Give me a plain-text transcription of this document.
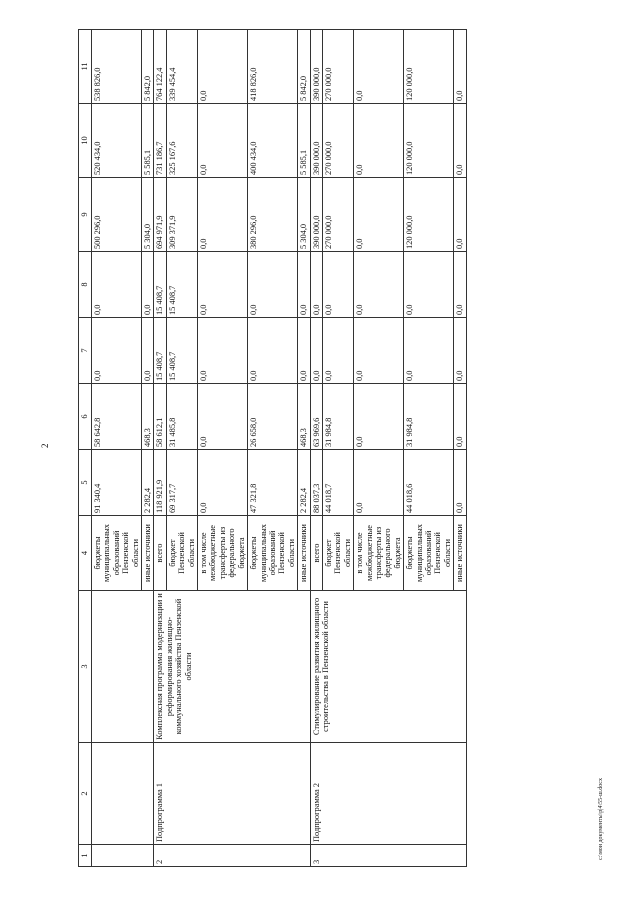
2
1	2	3	4	5	6	7	8	9	10	11
			бюджеты муниципальных образований Пензенской области	91 340,4	58 642,8	0,0	0,0	500 296,0	520 434,0	538 826,0
			иные источники	2 282,4	468,3	0,0	0,0	5 304,0	5 585,1	5 842,0
2	Подпрограмма 1	Комплексная программа модернизации и реформирования жилищно-коммунального хозяйства Пензенской области	всего	118 921,9	58 612,1	15 408,7	15 408,7	694 971,9	731 186,7	764 122,4
			бюджет Пензенской области	69 317,7	31 485,8	15 408,7	15 408,7	309 371,9	325 167,6	339 454,4
			в том числе межбюджетные трансферты из федерального бюджета	0,0	0,0	0,0	0,0	0,0	0,0	0,0
			бюджеты муниципальных образований Пензенской области	47 321,8	26 658,0	0,0	0,0	380 296,0	400 434,0	418 826,0
			иные источники	2 282,4	468,3	0,0	0,0	5 304,0	5 585,1	5 842,0
3	Подпрограмма 2	Стимулирование развития жилищного строительства в Пензенской области	всего	88 037,3	63 969,6	0,0	0,0	390 000,0	390 000,0	390 000,0
			бюджет Пензенской области	44 018,7	31 984,8	0,0	0,0	270 000,0	270 000,0	270 000,0
			в том числе межбюджетные трансферты из федерального бюджета	0,0	0,0	0,0	0,0	0,0	0,0	0,0
			бюджеты муниципальных образований Пензенской области	44 018,6	31 984,8	0,0	0,0	120 000,0	120 000,0	120 000,0
			иные источники	0,0	0,0	0,0	0,0	0,0	0,0	0,0
c:\мои документы\р|4\55-ш.docx
